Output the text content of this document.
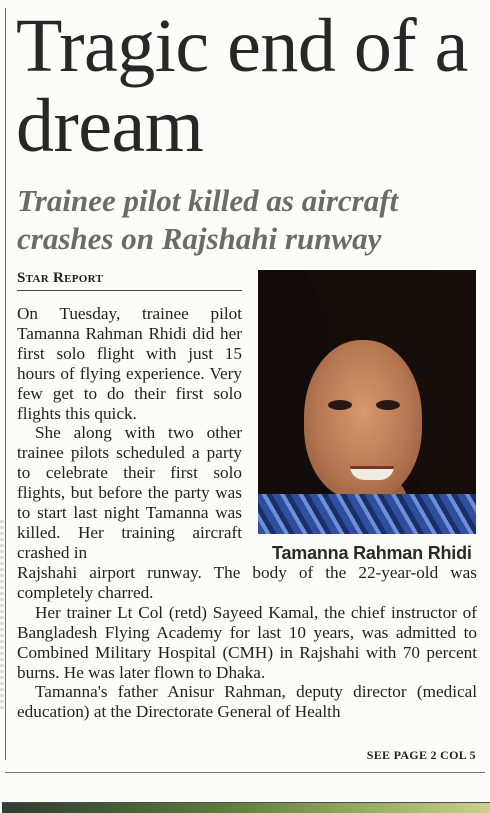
Tragic end of a dream
Trainee pilot killed as aircraft crashes on Rajshahi runway
Star Report
Tamanna Rahman Rhidi

On Tuesday, trainee pilot Tamanna Rahman Rhidi did her first solo flight with just 15 hours of flying experience. Very few get to do their first solo flights this quick.

She along with two other trainee pilots scheduled a party to celebrate their first solo flights, but before the party was to start last night Tamanna was killed. Her training aircraft crashed in

Rajshahi airport runway. The body of the 22-year-old was completely charred.

Her trainer Lt Col (retd) Sayeed Kamal, the chief instructor of Bangladesh Flying Academy for last 10 years, was admitted to Combined Military Hospital (CMH) in Rajshahi with 70 percent burns. He was later flown to Dhaka.

Tamanna's father Anisur Rahman, deputy director (medical education) at the Directorate General of Health

SEE PAGE 2 COL 5
